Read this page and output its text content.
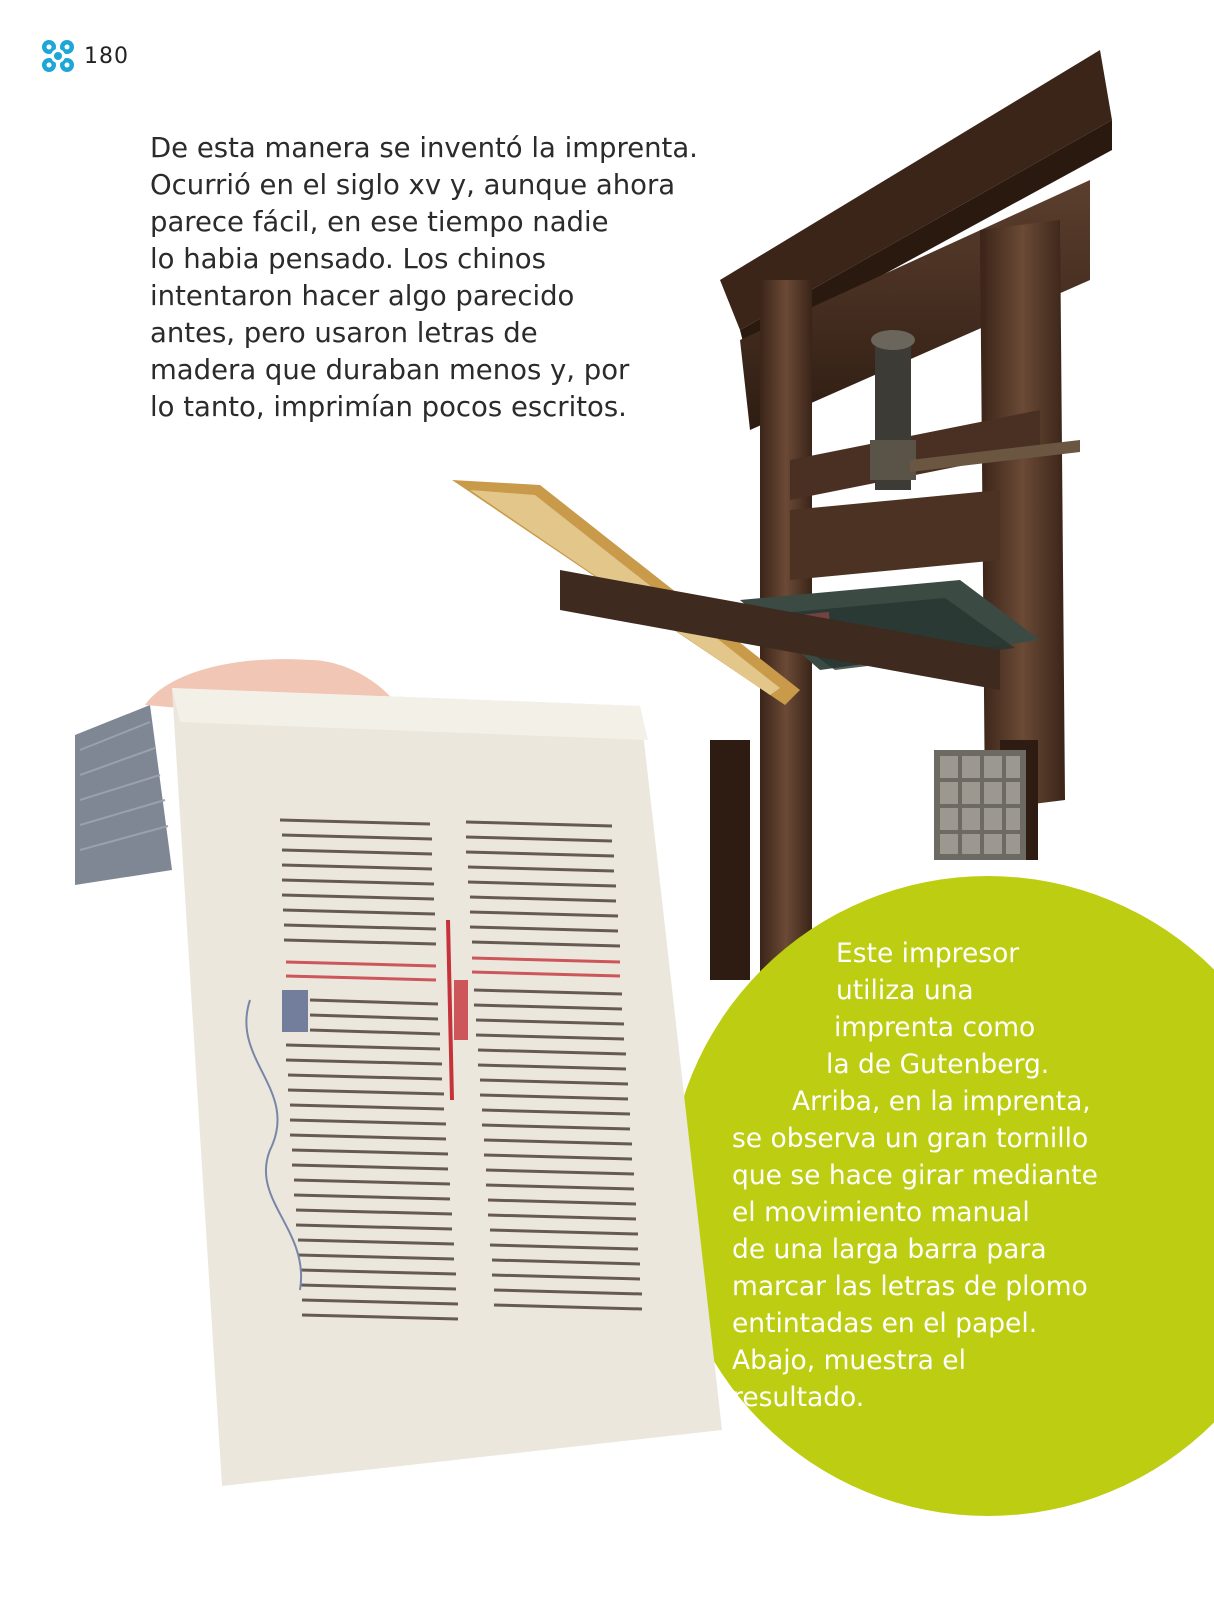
180

De esta manera se inventó la imprenta.
Ocurrió en el siglo xv y, aunque ahora
parece fácil, en ese tiempo nadie
lo habia pensado. Los chinos
intentaron hacer algo parecido
antes, pero usaron letras de
madera que duraban menos y, por
lo tanto, imprimían pocos escritos.

Este impresor
utiliza una
imprenta como
la de Gutenberg.
Arriba, en la imprenta,
se observa un gran tornillo
que se hace girar mediante
el movimiento manual
de una larga barra para
marcar las letras de plomo
entintadas en el papel.
Abajo, muestra el
resultado.
